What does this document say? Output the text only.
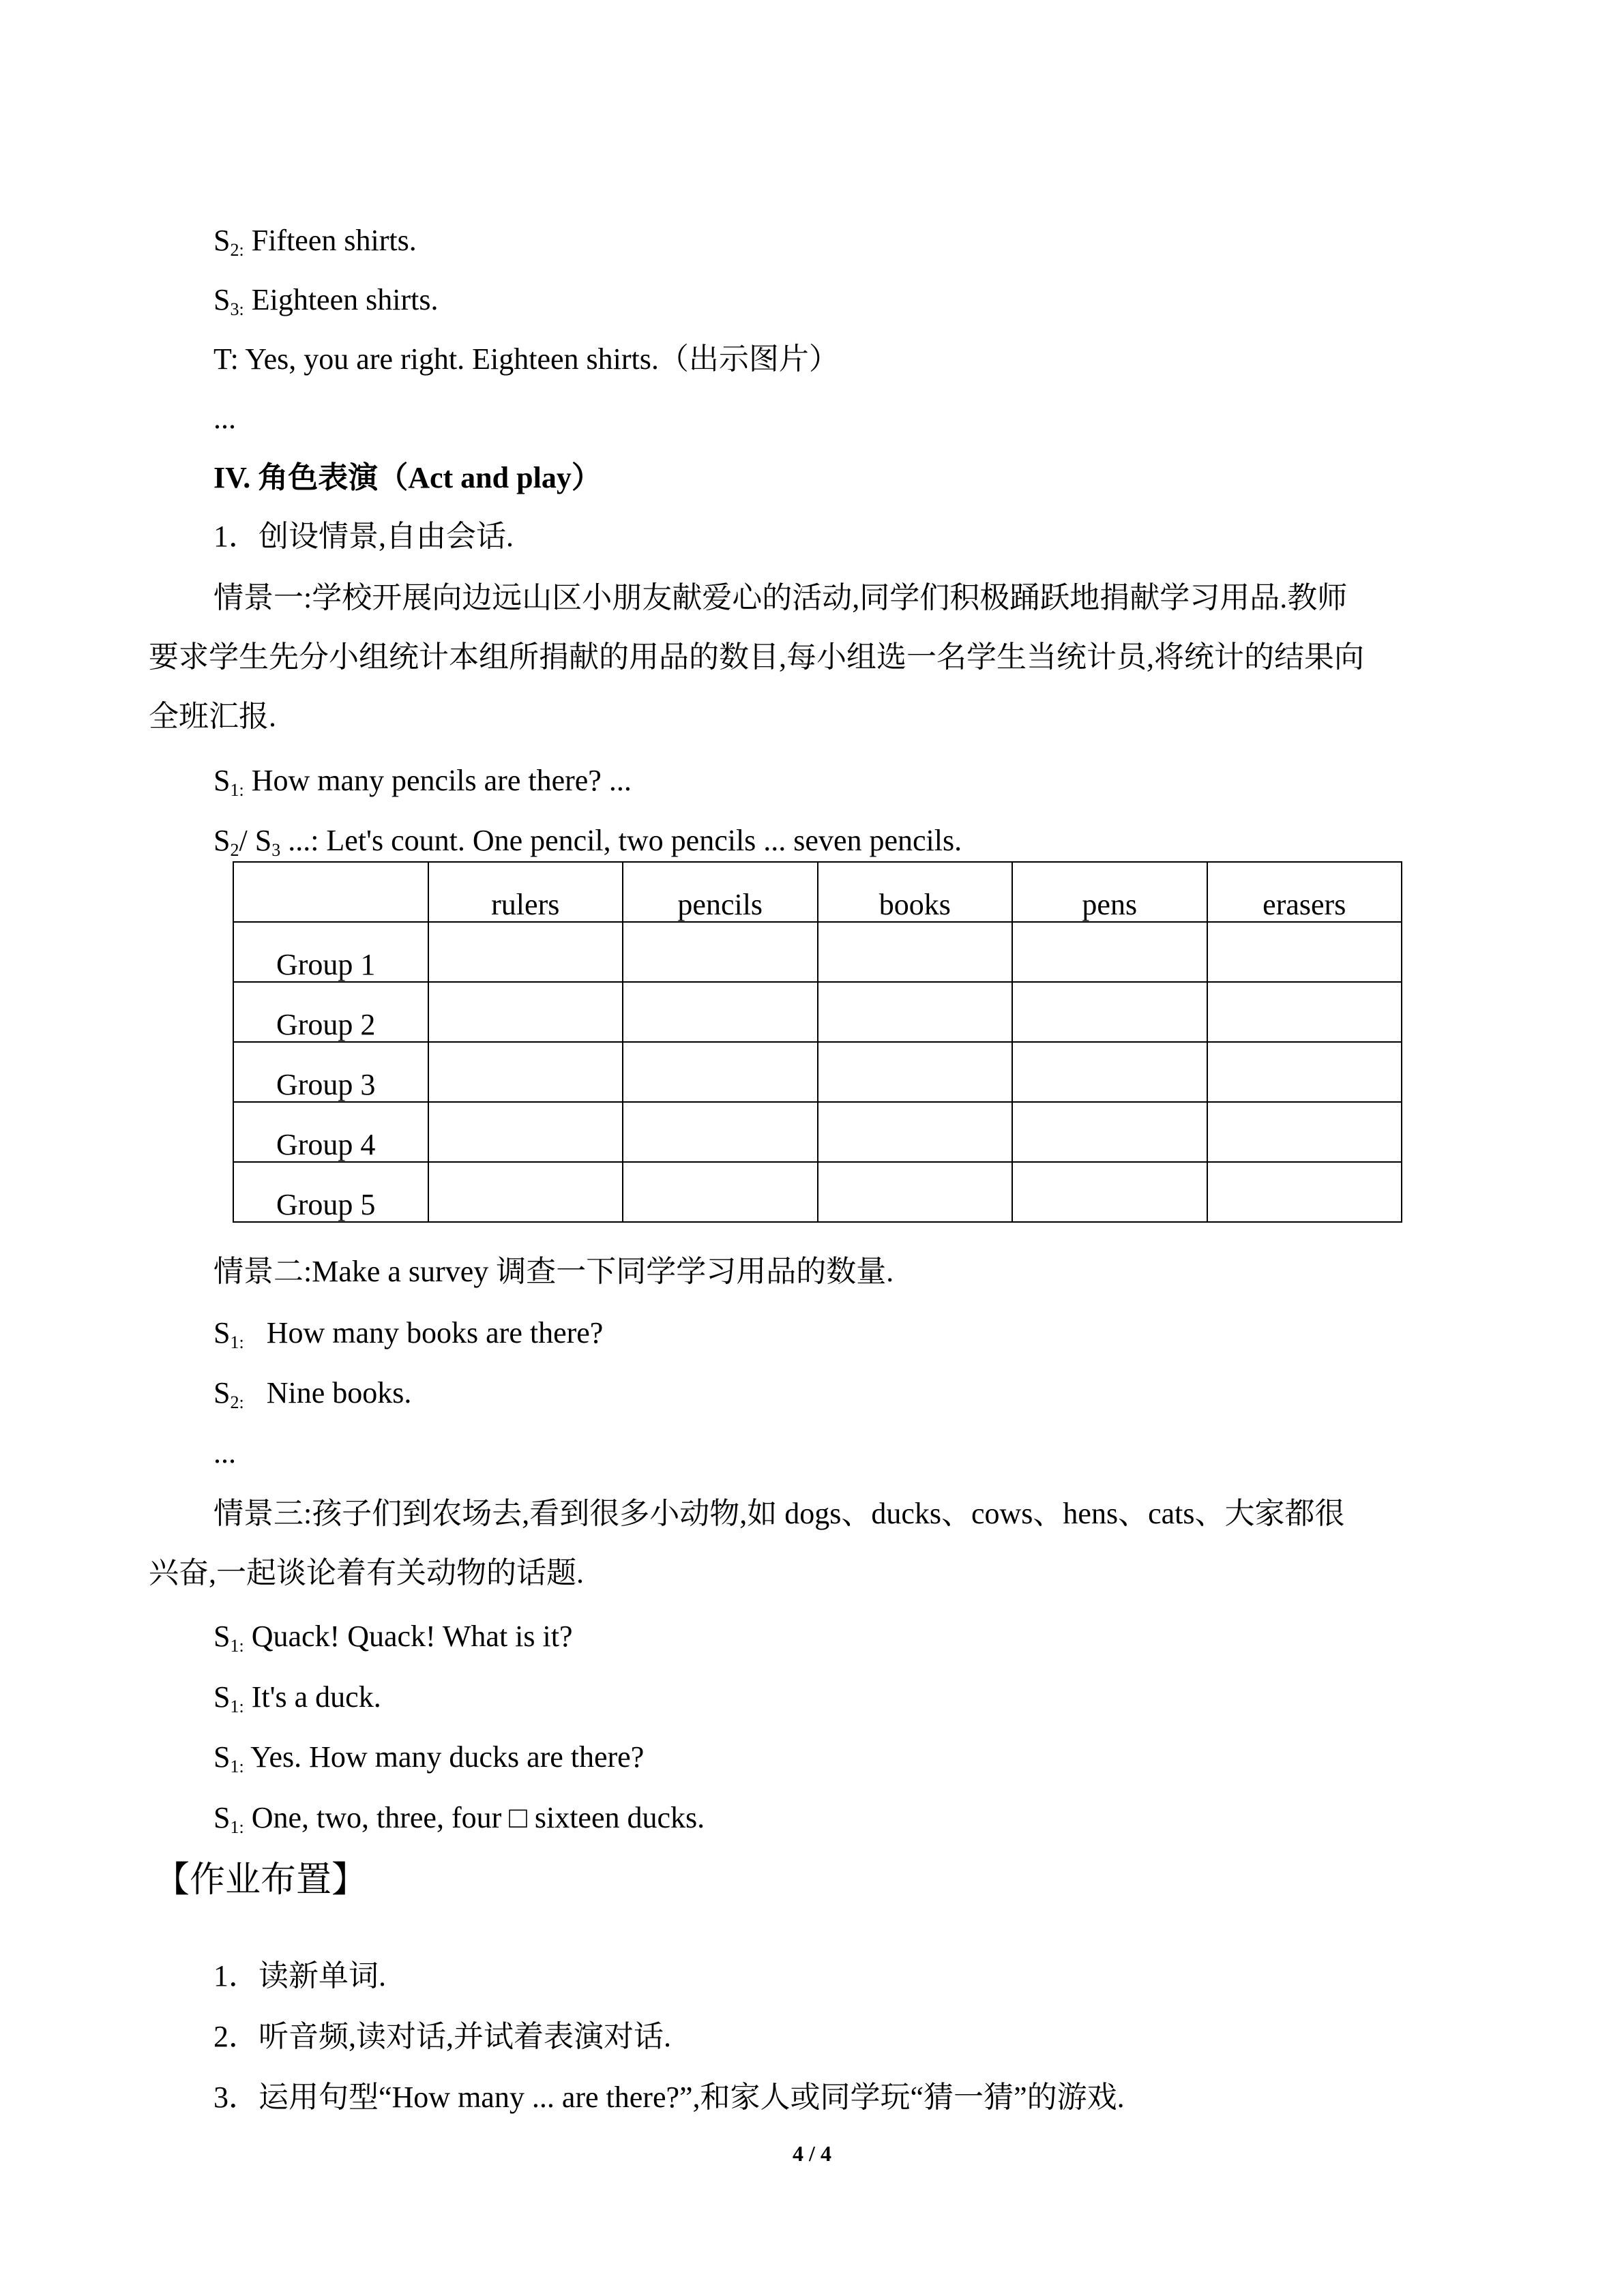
$S_{2:}$ Fifteen shirts.
$S_{3:}$ Eighteen shirts.
T: Yes, you are right. Eighteen shirts.（出示图片）
...
IV. 角色表演（Act and play）
1．创设情景,自由会话.
情景一:学校开展向边远山区小朋友献爱心的活动,同学们积极踊跃地捐献学习用品.教师
要求学生先分小组统计本组所捐献的用品的数目,每小组选一名学生当统计员,将统计的结果向
全班汇报.
$S_{1:}$ How many pencils are there? ...
$S_2/$ $S_3$ ...: Let's count. One pencil, two pencils ... seven pencils.
	rulers	pencils	books	pens	erasers
Group 1					
Group 2					
Group 3					
Group 4					
Group 5					
情景二:Make a survey 调查一下同学学习用品的数量.
$S_{1:}$   How many books are there?
$S_{2:}$   Nine books.
...
情景三:孩子们到农场去,看到很多小动物,如 dogs、ducks、cows、hens、cats、大家都很
兴奋,一起谈论着有关动物的话题.
$S_{1:}$ Quack! Quack! What is it?
$S_{1:}$ It's a duck.
$S_{1:}$ Yes. How many ducks are there?
$S_{1:}$ One, two, three, four □ sixteen ducks.
【作业布置】
1．读新单词.
2．听音频,读对话,并试着表演对话.
3．运用句型“How many ... are there?”,和家人或同学玩“猜一猜”的游戏.
4 / 4
